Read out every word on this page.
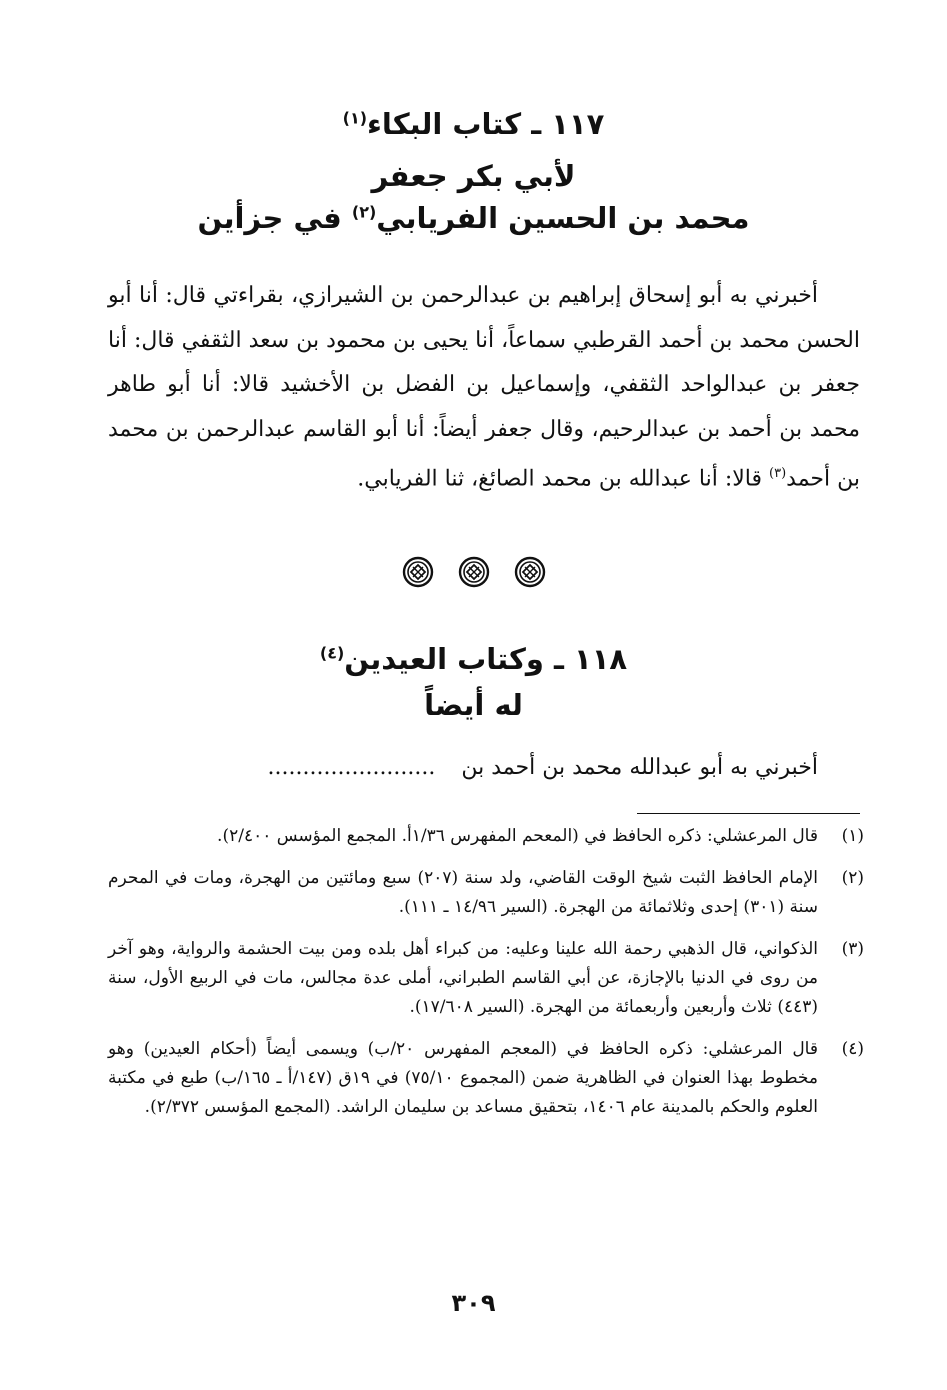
١١٧ ـ كتاب البكاء$^{(١)}$
لأبي بكر جعفر
محمد بن الحسين الفريابي$^{(٢)}$ في جزأين

أخبرني به أبو إسحاق إبراهيم بن عبدالرحمن بن الشيرازي، بقراءتي قال: أنا أبو الحسن محمد بن أحمد القرطبي سماعاً، أنا يحيى بن محمود بن سعد الثقفي قال: أنا جعفر بن عبدالواحد الثقفي، وإسماعيل بن الفضل بن الأخشيد قالا: أنا أبو طاهر محمد بن أحمد بن عبدالرحيم، وقال جعفر أيضاً: أنا أبو القاسم عبدالرحمن بن محمد بن أحمد$^{(٣)}$ قالا: أنا عبدالله بن محمد الصائغ، ثنا الفريابي.

١١٨ ـ وكتاب العيدين$^{(٤)}$
له أيضاً
أخبرني به أبو عبدالله محمد بن أحمد بن........................
(١)
قال المرعشلي: ذكره الحافظ في (المعحم المفهرس ١/٣٦أ. المجمع المؤسس ٢/٤٠٠).
(٢)
الإمام الحافظ الثبت شيخ الوقت القاضي، ولد سنة (٢٠٧) سبع ومائتين من الهجرة، ومات في المحرم سنة (٣٠١) إحدى وثلاثمائة من الهجرة. (السير ١٤/٩٦ ـ ١١١).
(٣)
الذكواني، قال الذهبي رحمة الله علينا وعليه: من كبراء أهل بلده ومن بيت الحشمة والرواية، وهو آخر من روى في الدنيا بالإجازة، عن أبي القاسم الطبراني، أملى عدة مجالس، مات في الربيع الأول، سنة (٤٤٣) ثلاث وأربعين وأربعمائة من الهجرة. (السير ١٧/٦٠٨).
(٤)
قال المرعشلي: ذكره الحافظ في (المعجم المفهرس ٢٠/ب) ويسمى أيضاً (أحكام العيدين) وهو مخطوط بهذا العنوان في الظاهرية ضمن (المجموع ٧٥/١٠) في ١٩ق (١٤٧/أ ـ ١٦٥/ب) طبع في مكتبة العلوم والحكم بالمدينة عام ١٤٠٦، بتحقيق مساعد بن سليمان الراشد. (المجمع المؤسس ٢/٣٧٢).
٣٠٩
